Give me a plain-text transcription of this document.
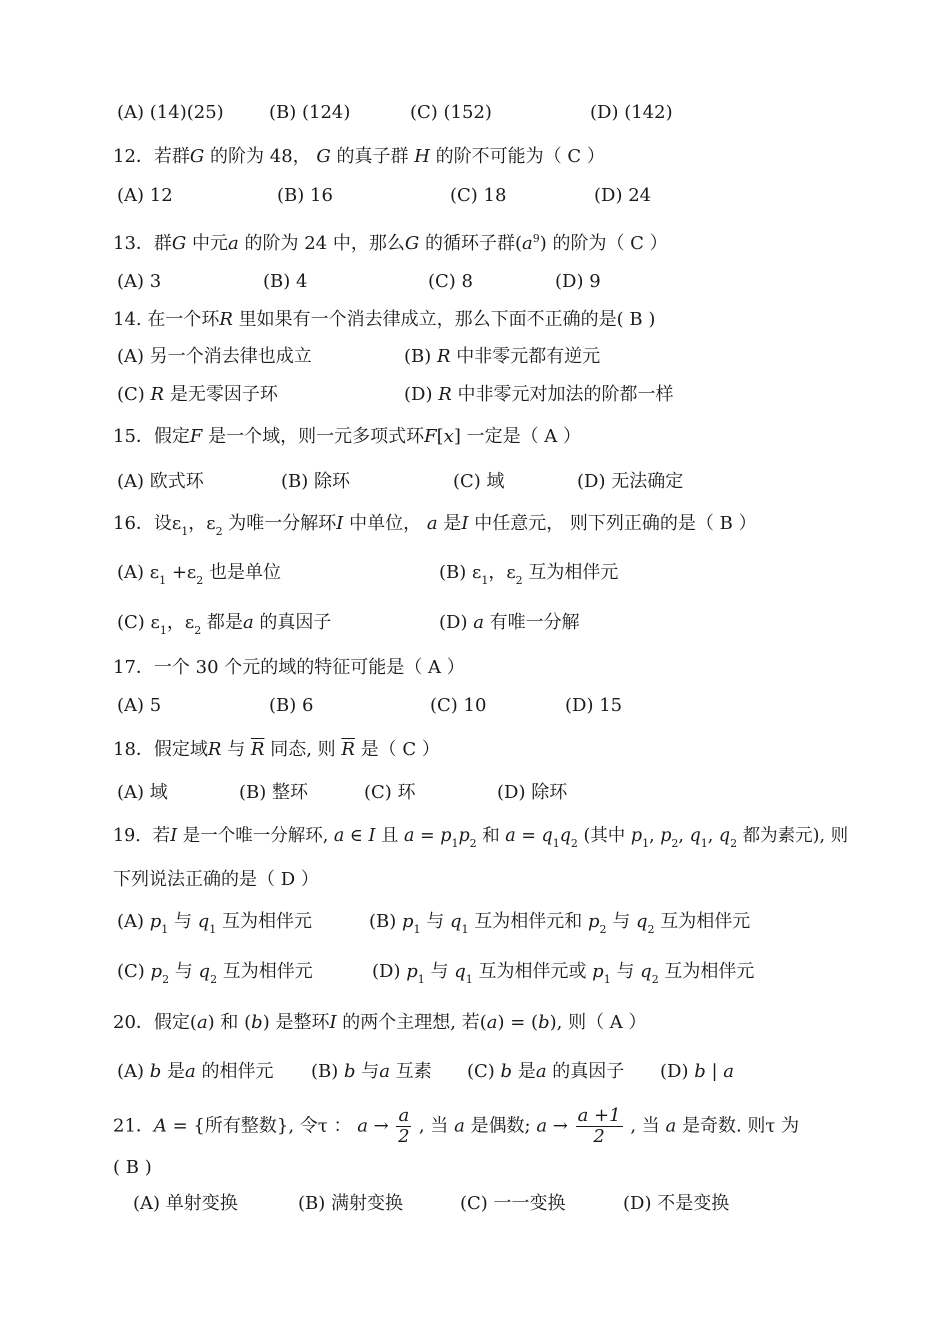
(A) (14)(25)	(B) (124)	(C) (152)	(D) (142)
12．若群G 的阶为 48， G 的真子群 H 的阶不可能为（ C ）
(A) 12	(B) 16	(C) 18	(D) 24
13．群G 中元a 的阶为 24 中，那么G 的循环子群$(a^9)$ 的阶为（ C ）
(A) 3	(B) 4	(C) 8	(D) 9
14. 在一个环R 里如果有一个消去律成立，那么下面不正确的是( B )
(A) 另一个消去律也成立	(B) R 中非零元都有逆元
(C) R 是无零因子环	(D) R 中非零元对加法的阶都一样
15．假定F 是一个域，则一元多项式环F[x] 一定是（ A ）
(A) 欧式环	(B) 除环	(C) 域	(D) 无法确定
16．设$\varepsilon_1$，$\varepsilon_2$ 为唯一分解环I 中单位， a 是I 中任意元， 则下列正确的是（ B ）
(A) $\varepsilon_1 +\varepsilon_2$ 也是单位	(B) $\varepsilon_1$，$\varepsilon_2$ 互为相伴元
(C) $\varepsilon_1$，$\varepsilon_2$ 都是a 的真因子	(D) a 有唯一分解
17．一个 30 个元的域的特征可能是（ A ）
(A) 5	(B) 6	(C) 10	(D) 15
18．假定域R 与 $\overline{R}$ 同态, 则 $\overline{R}$ 是（ C ）
(A) 域	(B) 整环	(C) 环	(D) 除环
19．若I 是一个唯一分解环, a ∈ I 且 $a = p_1p_2$ 和 $a = q_1q_2$ (其中 $p_1$, $p_2$, $q_1$, $q_2$ 都为素元), 则
下列说法正确的是（ D ）
(A) $p_1$ 与 $q_1$ 互为相伴元	(B) $p_1$ 与 $q_1$ 互为相伴元和 $p_2$ 与 $q_2$ 互为相伴元
(C) $p_2$ 与 $q_2$ 互为相伴元	(D) $p_1$ 与 $q_1$ 互为相伴元或 $p_1$ 与 $q_2$ 互为相伴元
20．假定(a) 和 (b) 是整环I 的两个主理想, 若(a) = (b), 则（ A ）
(A) b 是a 的相伴元 (B) b 与a 互素 (C) b 是a 的真因子 (D) b | a
21．A = {所有整数}, 令τ ： $a \to \frac{a}{2}$ , 当 a 是偶数; $a \to \frac{a +1}{2}$ , 当 a 是奇数. 则τ 为
( B )
(A) 单射变换	(B) 满射变换	(C) 一一变换	(D) 不是变换
